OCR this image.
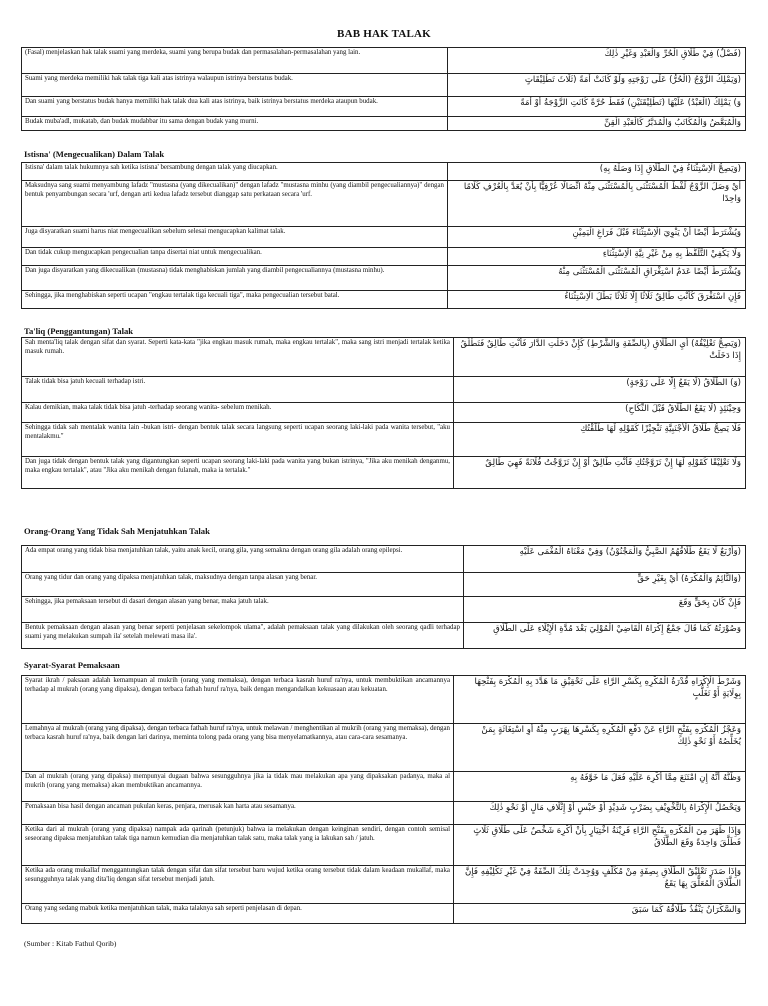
BAB HAK TALAK
(Fasal) menjelaskan hak talak suami yang merdeka, suami yang berupa budak dan permasalahan-permasalahan yang lain.	(فَصْلٌ) فِيْ طَلَاقِ الْحُرِّ وَالْعَبْدِ وَغَيْرِ ذٰلِكَ
Suami yang merdeka memiliki hak talak tiga kali atas istrinya walaupun istrinya berstatus budak.	(وَيَمْلِكُ الزَّوْجُ (الْحُرُّ) عَلَى زَوْجَتِهِ وَلَوْ كَانَتْ أَمَةً (ثَلَاثَ تَطْلِيْقَاتٍ
Dan suami yang berstatus budak hanya memiliki hak talak dua kali atas istrinya, baik istrinya berstatus merdeka ataupun budak.	وَ) يَمْلِكُ (الْعَبْدُ) عَلَيْهَا (تَطْلِيْقَتَيْنِ) فَقَطْ حُرَّةً كَانَتِ الزَّوْجَةُ أَوْ أَمَةً
Budak muba'adl, mukatab, dan budak mudabbar itu sama dengan budak yang murni.	وَالْمُبَعَّضُ وَالْمُكَاتَبُ وَالْمُدَبَّرُ كَالْعَبْدِ الْقِنِّ
Istisna' (Mengecualikan) Dalam Talak
Istisna' dalam talak hukumnya sah ketika istisna' bersambung dengan talak yang diucapkan.	(وَيَصِحُّ الْاِسْتِثْنَاءُ فِيْ الطَّلَاقِ إِذَا وَصَلَهُ بِهِ)
Maksudnya sang suami menyambung lafadz "mustasna (yang dikecualikan)" dengan lafadz "mustasna minhu (yang diambil pengecualiannya)" dengan bentuk penyambungan secara 'urf, dengan arti kedua lafadz tersebut dianggap satu perkataan secara 'urf.	أَيْ وَصَلَ الزَّوْجُ لَفْظَ الْمُسْتَثْنَى بِالْمُسْتَثْنَى مِنْهُ اتِّصَالًا عُرْفِيًّا بِأَنْ يُعَدَّ بِالْعُرْفِ كَلَامًا وَاحِدًا
Juga disyaratkan suami harus niat mengecualikan sebelum selesai mengucapkan kalimat talak.	وَيُشْتَرَطُ أَيْضًا أَنْ يَنْوِيَ الْاِسْتِثْنَاءَ قَبْلَ فَرَاغِ الْيَمِيْنِ
Dan tidak cukup mengucapkan pengecualian tanpa disertai niat untuk mengecualikan.	وَلَا يَكْفِيْ التَّلَفُّظُ بِهِ مِنْ غَيْرِ نِيَّةِ الْاِسْتِثْنَاءِ
Dan juga disyaratkan yang dikecualikan (mustasna) tidak menghabiskan jumlah yang diambil pengecualiannya (mustasna minhu).	وَيُشْتَرَطُ أَيْضًا عَدَمُ اسْتِغْرَاقِ الْمُسْتَثْنَى الْمُسْتَثْنَى مِنْهُ
Sehingga, jika menghabiskan seperti ucapan "engkau tertalak tiga kecuali tiga", maka pengecualian tersebut batal.	فَإِنِ اسْتَغْرَقَ كَأَنْتِ طَالِقٌ ثَلَاثًا إِلَّا ثَلَاثًا بَطَلَ الْاِسْتِثْنَاءُ
Ta'liq (Penggantungan) Talak
Sah menta'liq talak dengan sifat dan syarat. Seperti kata-kata "jika engkau masuk rumah, maka engkau tertalak", maka sang istri menjadi tertalak ketika masuk rumah.	(وَيَصِحُّ تَعْلِيْقُهُ) أَيِ الطَّلَاقِ (بِالصِّفَةِ وَالشَّرْطِ) كَإِنْ دَخَلْتِ الدَّارَ فَأَنْتِ طَالِقٌ فَتَطْلُقُ إِذَا دَخَلَتْ
Talak tidak bisa jatuh kecuali terhadap istri.	(وَ) الطَّلَاقُ (لَا يَقَعُ إِلَّا عَلَى زَوْجَةٍ)
Kalau demikian, maka talak tidak bisa jatuh -terhadap seorang wanita- sebelum menikah.	وَحِيْنَئِذٍ (لَا يَقَعُ الطَّلَاقُ قَبْلَ النِّكَاحِ)
Sehingga tidak sah mentalak wanita lain -bukan istri- dengan bentuk talak secara langsung seperti ucapan seorang laki-laki pada wanita tersebut, "aku mentalakmu."	فَلَا يَصِحُّ طَلَاقُ الْأَجْنَبِيَّةِ تَنْجِيْزًا كَقَوْلِهِ لَهَا طَلَّقْتُكِ
Dan juga tidak dengan bentuk talak yang digantungkan seperti ucapan seorang laki-laki pada wanita yang bukan istrinya, "Jika aku menikah denganmu, maka engkau tertalak", atau "Jika aku menikah dengan fulanah, maka ia tertalak."	وَلَا تَعْلِيْقًا كَقَوْلِهِ لَهَا إِنْ تَزَوَّجْتُكِ فَأَنْتِ طَالِقٌ أَوْ إِنْ تَزَوَّجْتُ فُلَانَةً فَهِيَ طَالِقٌ
Orang-Orang Yang Tidak Sah Menjatuhkan Talak
Ada empat orang yang tidak bisa menjatuhkan talak, yaitu anak kecil, orang gila, yang semakna dengan orang gila adalah orang epilepsi.	(وَأَرْبَعٌ لَا يَقَعُ طَلَاقُهُمُ الصَّبِيُّ وَالْمَجْنُوْنُ) وَفِيْ مَعْنَاهُ الْمُغْمَى عَلَيْهِ
Orang yang tidur dan orang yang dipaksa menjatuhkan talak, maksudnya dengan tanpa alasan yang benar.	(وَالنَّائِمُ وَالْمُكْرَهُ) أَيْ بِغَيْرِ حَقٍّ
Sehingga, jika pemaksaan tersebut di dasari dengan alasan yang benar, maka jatuh talak.	فَإِنْ كَانَ بِحَقٍّ وَقَعَ
Bentuk pemaksaan dengan alasan yang benar seperti penjelasan sekelompok ulama", adalah pemaksaan talak yang dilakukan oleh seorang qadli terhadap suami yang melakukan sumpah ila' setelah melewati masa ila'.	وَصُوْرَتُهُ كَمَا قَالَ جَمْعٌ إِكْرَاهُ الْقَاضِيْ الْمُوْلِيَ بَعْدَ مُدَّةِ الْإِيْلَاءِ عَلَى الطَّلَاقِ
Syarat-Syarat Pemaksaan
Syarat ikrah / paksaan adalah kemampuan al mukrih (orang yang memaksa), dengan terbaca kasrah huruf ra'nya, untuk membuktikan ancamannya terhadap al mukrah (orang yang dipaksa), dengan terbaca fathah huruf ra'nya, baik dengan mengandalkan kekuasaan atau kekuatan.	وَشَرْطُ الْإِكْرَاهِ قُدْرَةُ الْمُكْرِهِ بِكَسْرِ الرَّاءِ عَلَى تَحْقِيْقِ مَا هَدَّدَ بِهِ الْمُكْرَهَ بِفَتْحِهَا بِوِلَايَةٍ أَوْ تَغَلُّبٍ
Lemahnya al mukrah (orang yang dipaksa), dengan terbaca fathah huruf ra'nya, untuk melawan / menghentikan al mukrih (orang yang memaksa), dengan terbaca kasrah huruf ra'nya, baik dengan lari darinya, meminta tolong pada orang yang bisa menyelamatkannya, atau cara-cara sesamanya.	وَعَجْزُ الْمُكْرَهِ بِفَتْحِ الرَّاءِ عَنْ دَفْعِ الْمُكْرِهِ بِكَسْرِهَا بِهَرَبٍ مِنْهُ أَوِ اسْتِغَاثَةٍ بِمَنْ يُخَلِّصُهُ أَوْ نَحْوِ ذٰلِكَ
Dan al mukrah (orang yang dipaksa) mempunyai dugaan bahwa sesungguhnya jika ia tidak mau melakukan apa yang dipaksakan padanya, maka al mukrih (orang yang memaksa) akan membuktikan ancamannya.	وَظَنُّهُ أَنَّهُ إِنِ امْتَنَعَ مِمَّا أُكْرِهَ عَلَيْهِ فَعَلَ مَا خَوَّفَهُ بِهِ
Pemaksaan bisa hasil dengan ancaman pukulan keras, penjara, merusak kan harta atau sesamanya.	وَيَحْصُلُ الْإِكْرَاهُ بِالتَّخْوِيْفِ بِضَرْبٍ شَدِيْدٍ أَوْ حَبْسٍ أَوْ إِتْلَافِ مَالٍ أَوْ نَحْوِ ذٰلِكَ
Ketika dari al mukrah (orang yang dipaksa) nampak ada qarinah (petunjuk) bahwa ia melakukan dengan keinginan sendiri, dengan contoh semisal seseorang dipaksa menjatuhkan talak tiga namun kemudian dia menjatuhkan talak satu, maka talak yang ia lakukan sah / jatuh.	وَإِذَا ظَهَرَ مِنَ الْمُكْرَهِ بِفَتْحِ الرَّاءِ قَرِيْنَةُ اخْتِيَارٍ بِأَنْ أُكْرِهَ شَخْصٌ عَلَى طَلَاقِ ثَلَاثٍ فَطَلَّقَ وَاحِدَةً وَقَعَ الطَّلَاقُ
Ketika ada orang mukallaf menggantungkan talak dengan sifat dan sifat tersebut baru wujud ketika orang tersebut tidak dalam keadaan mukallaf, maka sesungguhnya talak yang dita'liq dengan sifat tersebut menjadi jatuh.	وَإِذَا صَدَرَ تَعْلِيْقُ الطَّلَاقِ بِصِفَةٍ مِنْ مُكَلَّفٍ وَوُجِدَتْ تِلْكَ الصِّفَةُ فِيْ غَيْرِ تَكْلِيْفِهِ فَإِنَّ الطَّلَاقَ الْمُعَلَّقَ بِهَا يَقَعُ
Orang yang sedang mabuk ketika menjatuhkan talak, maka talaknya sah seperti penjelasan di depan.	وَالسَّكْرَانُ يَنْفُذُ طَلَاقُهُ كَمَا سَبَقَ
(Sumber : Kitab Fathul Qorib)
